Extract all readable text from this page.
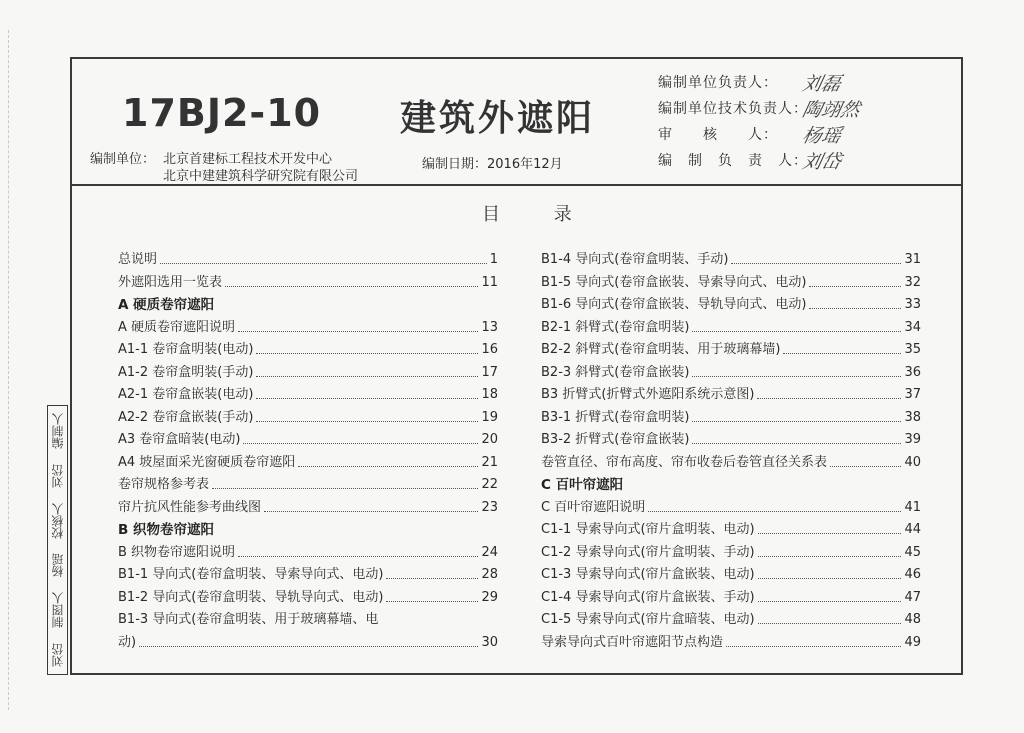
编制人
刘岱
校核人
杨瑶
制图人
刘岱
17BJ2-10 建筑外遮阳
编制单位： 北京首建标工程技术开发中心
北京中建建筑科学研究院有限公司
编制日期：2016年12月
编制单位负责人：	刘磊
编制单位技术负责人：
陶翊然
审　　核　　人：	杨瑶
编　制　负　责　人：
刘岱
目 录
总说明	1
外遮阳选用一览表	11
A 硬质卷帘遮阳
A 硬质卷帘遮阳说明	13
A1-1 卷帘盒明装(电动)	16
A1-2 卷帘盒明装(手动)	17
A2-1 卷帘盒嵌装(电动)	18
A2-2 卷帘盒嵌装(手动)	19
A3 卷帘盒暗装(电动)	20
A4 坡屋面采光窗硬质卷帘遮阳	21
卷帘规格参考表	22
帘片抗风性能参考曲线图	23
B 织物卷帘遮阳
B 织物卷帘遮阳说明	24
B1-1 导向式(卷帘盒明装、导索导向式、电动)	28
B1-2 导向式(卷帘盒明装、导轨导向式、电动)	29
B1-3 导向式(卷帘盒明装、用于玻璃幕墙、电
动)	30
B1-4 导向式(卷帘盒明装、手动)	31
B1-5 导向式(卷帘盒嵌装、导索导向式、电动)	32
B1-6 导向式(卷帘盒嵌装、导轨导向式、电动)	33
B2-1 斜臂式(卷帘盒明装)	34
B2-2 斜臂式(卷帘盒明装、用于玻璃幕墙)	35
B2-3 斜臂式(卷帘盒嵌装)	36
B3 折臂式(折臂式外遮阳系统示意图)	37
B3-1 折臂式(卷帘盒明装)	38
B3-2 折臂式(卷帘盒嵌装)	39
卷管直径、帘布高度、帘布收卷后卷管直径关系表	40
C 百叶帘遮阳
C 百叶帘遮阳说明	41
C1-1 导索导向式(帘片盒明装、电动)	44
C1-2 导索导向式(帘片盒明装、手动)	45
C1-3 导索导向式(帘片盒嵌装、电动)	46
C1-4 导索导向式(帘片盒嵌装、手动)	47
C1-5 导索导向式(帘片盒暗装、电动)	48
导索导向式百叶帘遮阳节点构造	49
